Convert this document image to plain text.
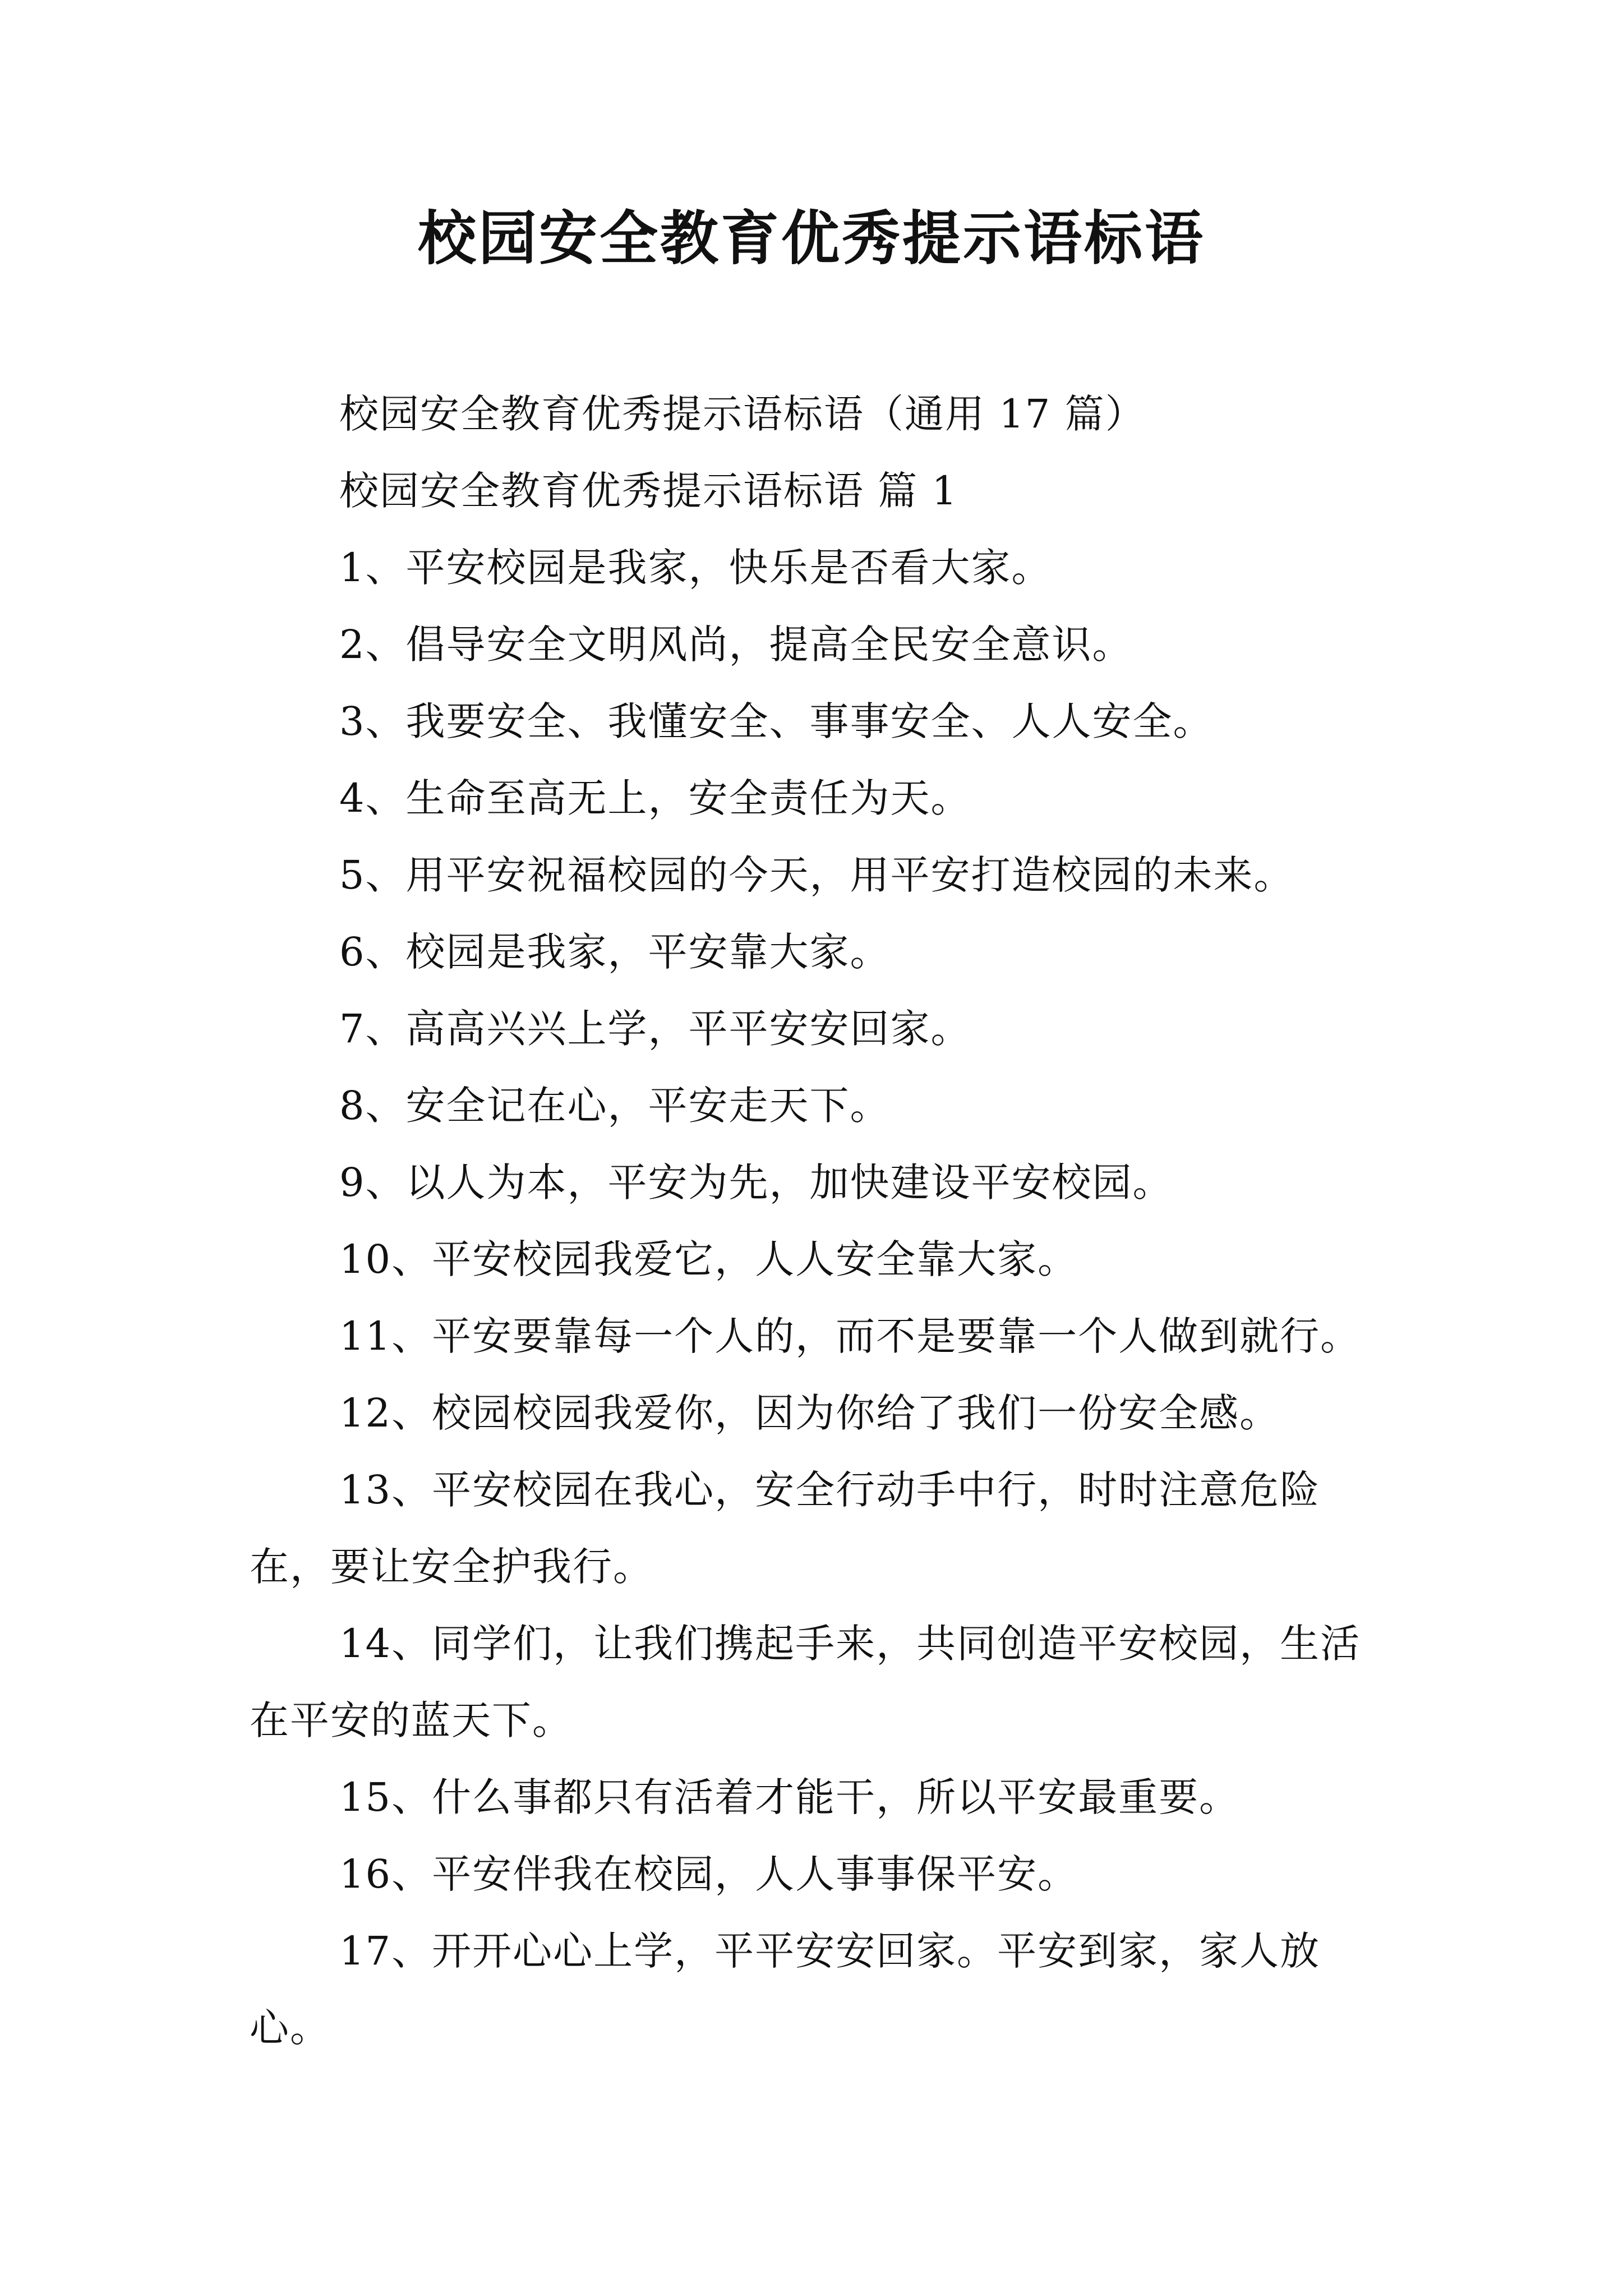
校园安全教育优秀提示语标语

校园安全教育优秀提示语标语（通用 17 篇）

校园安全教育优秀提示语标语 篇 1

1、平安校园是我家，快乐是否看大家。

2、倡导安全文明风尚，提高全民安全意识。

3、我要安全、我懂安全、事事安全、人人安全。

4、生命至高无上，安全责任为天。

5、用平安祝福校园的今天，用平安打造校园的未来。

6、校园是我家，平安靠大家。

7、高高兴兴上学，平平安安回家。

8、安全记在心，平安走天下。

9、以人为本，平安为先，加快建设平安校园。

10、平安校园我爱它，人人安全靠大家。

11、平安要靠每一个人的，而不是要靠一个人做到就行。

12、校园校园我爱你，因为你给了我们一份安全感。

13、平安校园在我心，安全行动手中行，时时注意危险在，要让安全护我行。

14、同学们，让我们携起手来，共同创造平安校园，生活在平安的蓝天下。

15、什么事都只有活着才能干，所以平安最重要。

16、平安伴我在校园，人人事事保平安。

17、开开心心上学，平平安安回家。平安到家，家人放心。
